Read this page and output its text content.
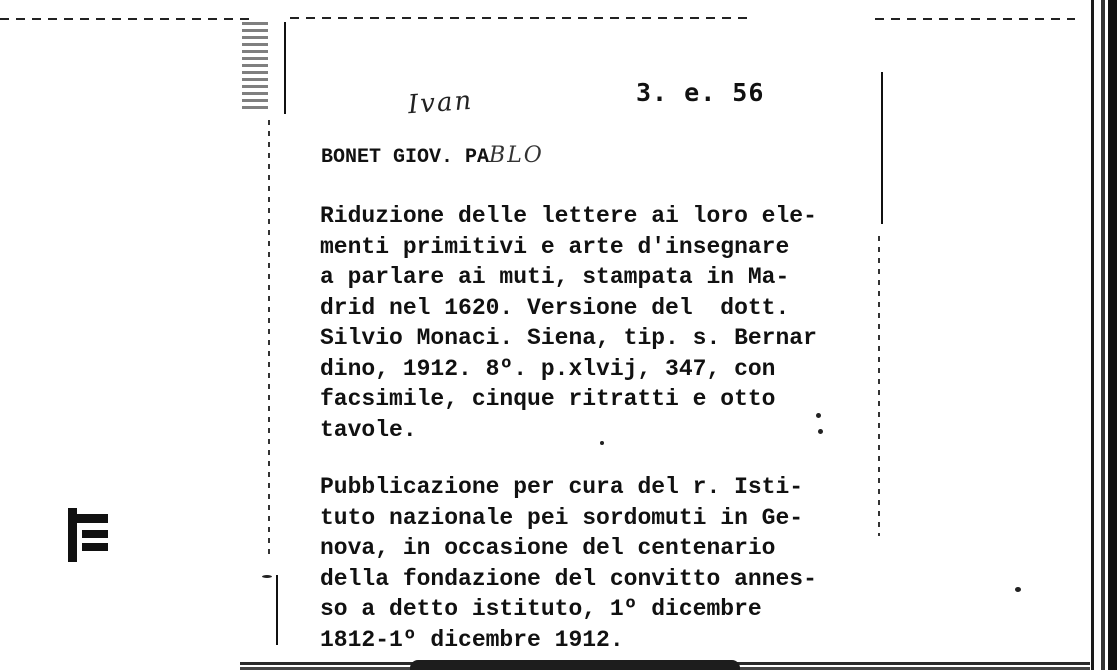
3. e. 56
Ivan
BONET GIOV. PABLO
Riduzione delle lettere ai loro ele-
menti primitivi e arte d'insegnare
a parlare ai muti, stampata in Ma-
drid nel 1620. Versione del  dott.
Silvio Monaci. Siena, tip. s. Bernar
dino, 1912. 8º. p.xlvij, 347, con
facsimile, cinque ritratti e otto
tavole.
Pubblicazione per cura del r. Isti-
tuto nazionale pei sordomuti in Ge-
nova, in occasione del centenario
della fondazione del convitto annes-
so a detto istituto, 1º dicembre
1812-1º dicembre 1912.
